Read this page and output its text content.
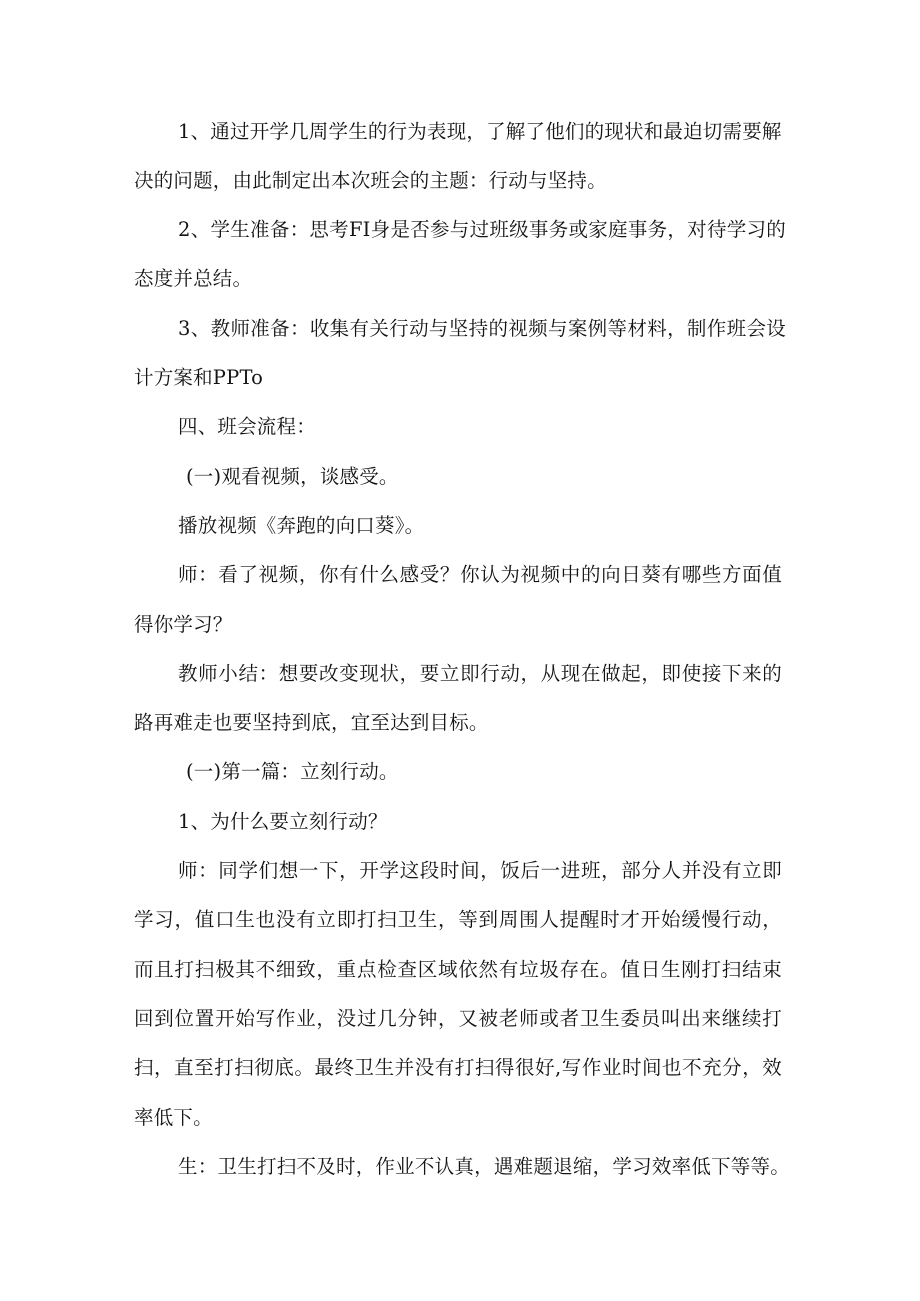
1、通过开学几周学生的行为表现，了解了他们的现状和最迫切需要解
决的问题，由此制定出本次班会的主题：行动与坚持。
2、学生准备：思考FI身是否参与过班级事务或家庭事务，对待学习的
态度并总结。
3、教师准备：收集有关行动与坚持的视频与案例等材料，制作班会设
计方案和PPTo
四、班会流程：
(一)观看视频，谈感受。
播放视频《奔跑的向口葵》。
师：看了视频，你有什么感受？你认为视频中的向日葵有哪些方面值
得你学习？
教师小结：想要改变现状，要立即行动，从现在做起，即使接下来的
路再难走也要坚持到底，宜至达到目标。
(一)第一篇：立刻行动。
1、为什么要立刻行动？
师：同学们想一下，开学这段时间，饭后一进班，部分人并没有立即
学习，值口生也没有立即打扫卫生，等到周围人提醒时才开始缓慢行动，
而且打扫极其不细致，重点检查区域依然有垃圾存在。值日生刚打扫结束
回到位置开始写作业，没过几分钟，又被老师或者卫生委员叫出来继续打
扫，直至打扫彻底。最终卫生并没有打扫得很好,写作业时间也不充分，效
率低下。
生：卫生打扫不及时，作业不认真，遇难题退缩，学习效率低下等等。
